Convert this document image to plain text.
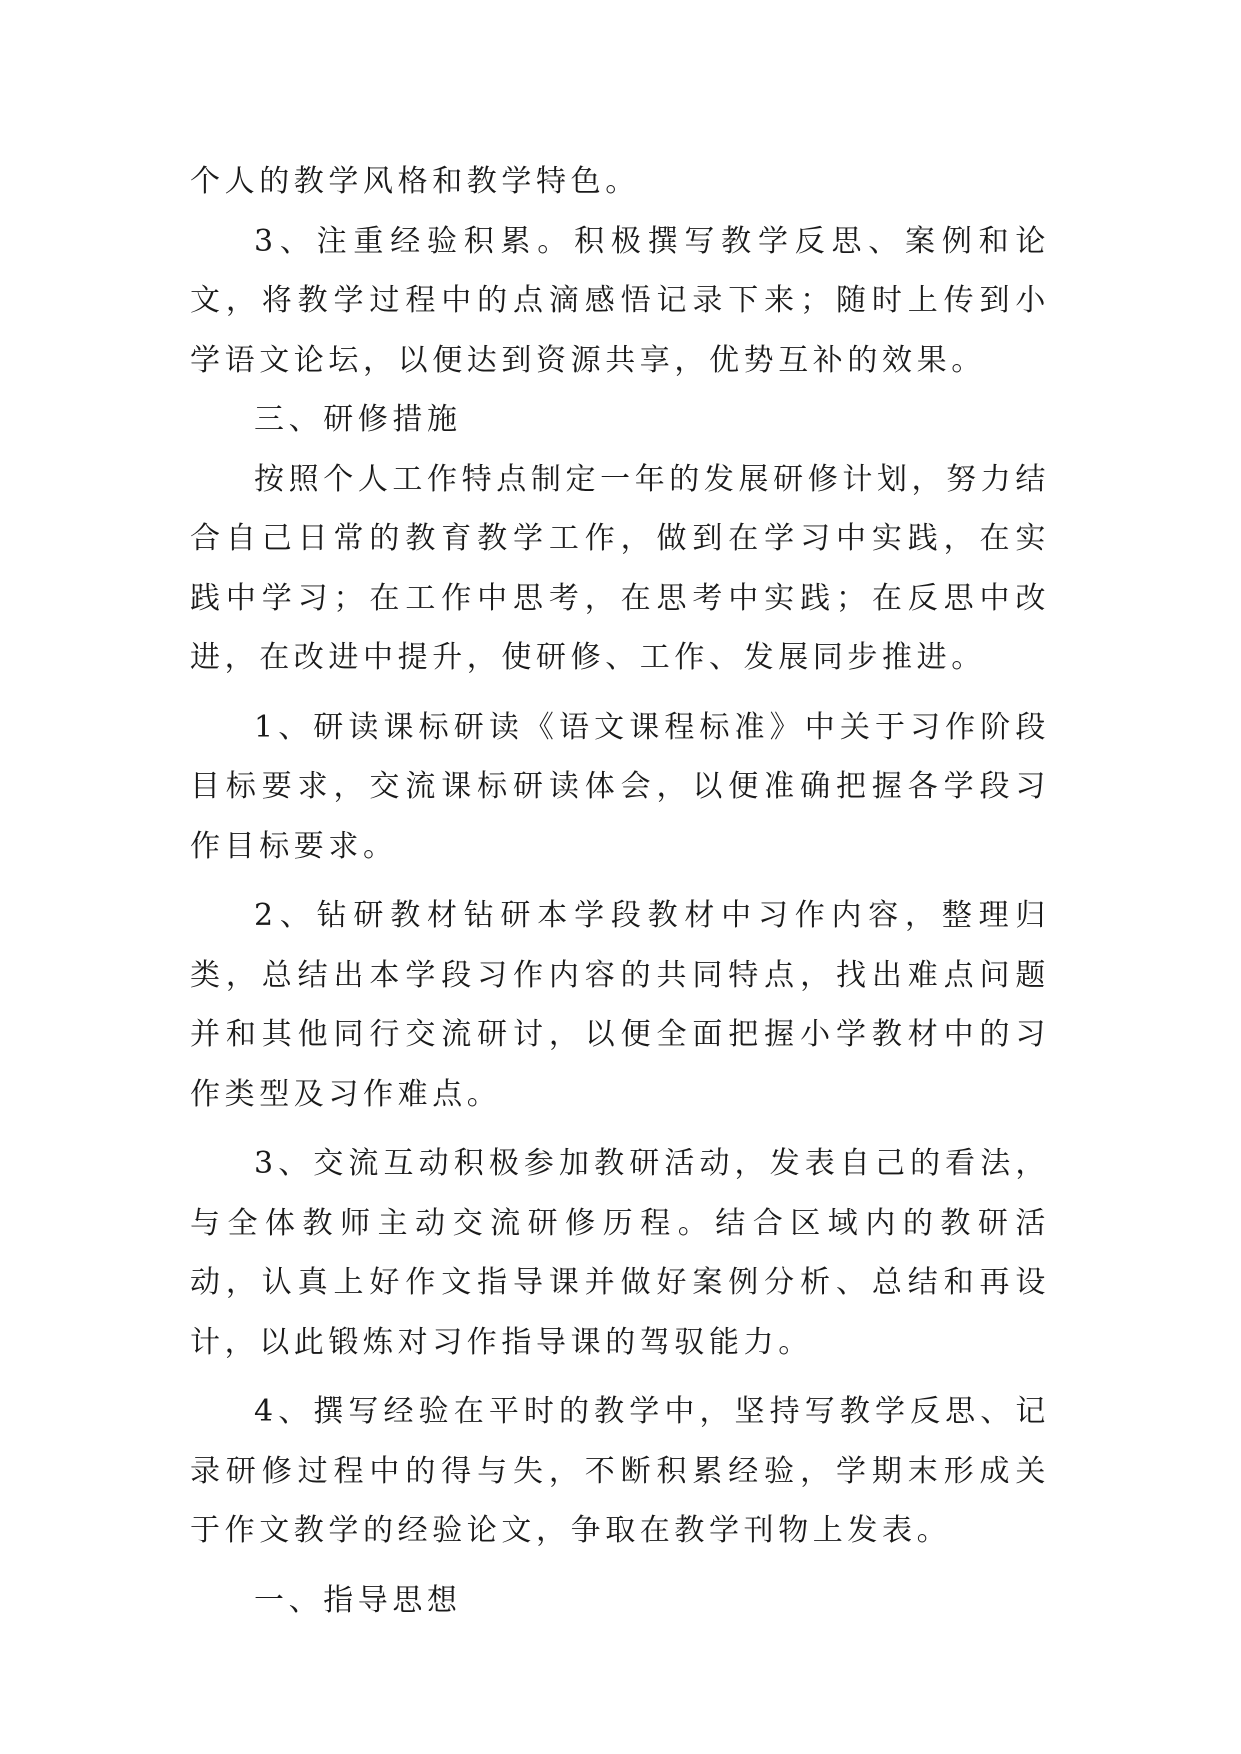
个人的教学风格和教学特色。

3、注重经验积累。积极撰写教学反思、案例和论文，将教学过程中的点滴感悟记录下来；随时上传到小学语文论坛，以便达到资源共享，优势互补的效果。

三、研修措施

按照个人工作特点制定一年的发展研修计划，努力结合自己日常的教育教学工作，做到在学习中实践，在实践中学习；在工作中思考，在思考中实践；在反思中改进，在改进中提升，使研修、工作、发展同步推进。

1、研读课标研读《语文课程标准》中关于习作阶段目标要求，交流课标研读体会，以便准确把握各学段习作目标要求。

2、钻研教材钻研本学段教材中习作内容，整理归类，总结出本学段习作内容的共同特点，找出难点问题并和其他同行交流研讨，以便全面把握小学教材中的习作类型及习作难点。

3、交流互动积极参加教研活动，发表自己的看法，与全体教师主动交流研修历程。结合区域内的教研活动，认真上好作文指导课并做好案例分析、总结和再设计，以此锻炼对习作指导课的驾驭能力。

4、撰写经验在平时的教学中，坚持写教学反思、记录研修过程中的得与失，不断积累经验，学期末形成关于作文教学的经验论文，争取在教学刊物上发表。

一、指导思想
